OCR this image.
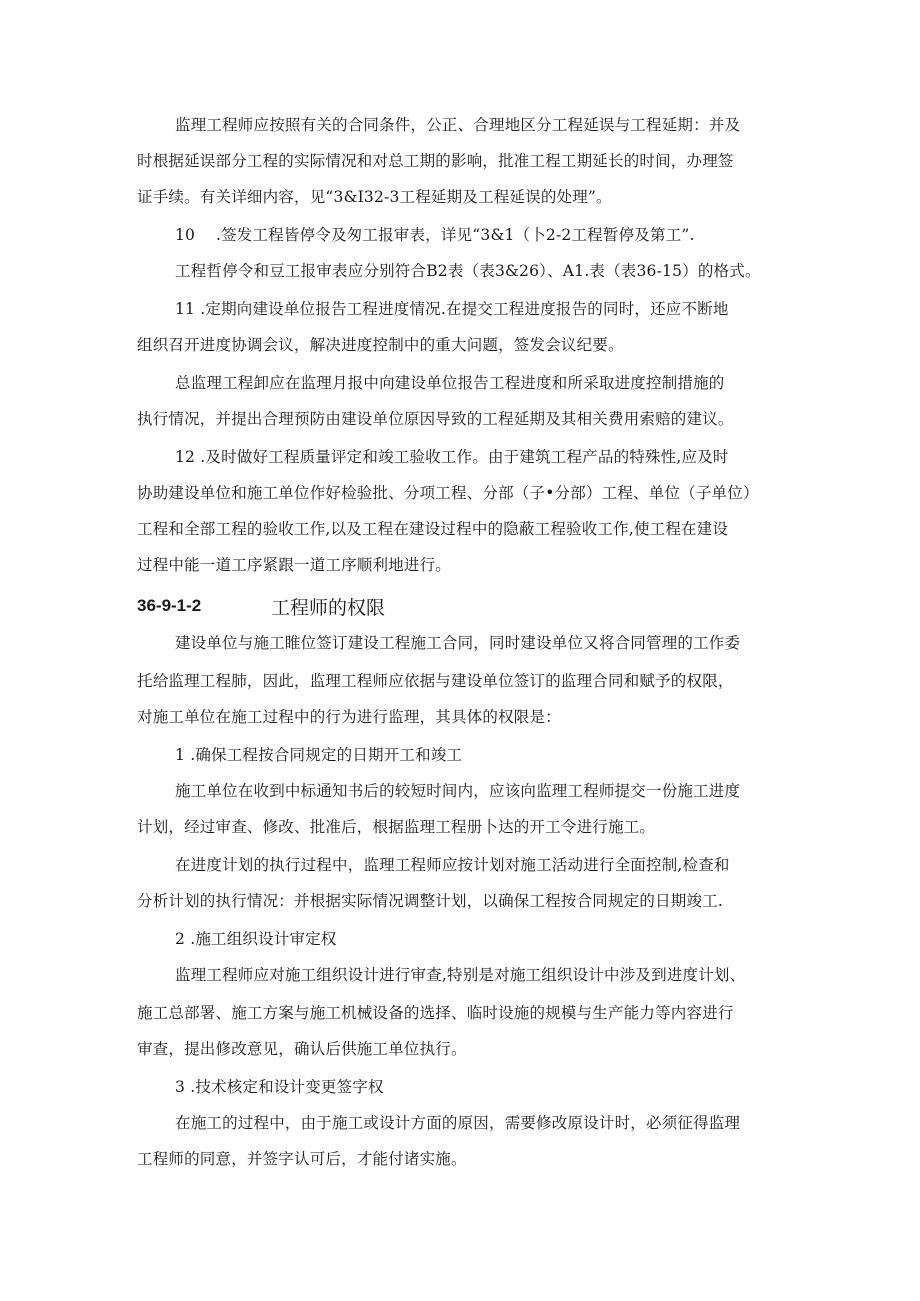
监理工程师应按照有关的合同条件，公正、合理地区分工程延误与工程延期：并及
时根据延误部分工程的实际情况和对总工期的影响，批准工程工期延长的时间，办理签
证手续。有关详细内容，见“3&I32-3工程延期及工程延误的处理”。
10　 .签发工程皆停令及匆工报审表，详见“3&1（卜2-2工程暂停及第工”.
工程哲停令和豆工报审表应分别符合B2表（表3&26）、A1.表（表36-15）的格式。
11 .定期向建设单位报告工程进度情况.在提交工程进度报告的同时，还应不断地
组织召开进度协调会议，解决进度控制中的重大问题，签发会议纪要。
总监理工程卸应在监理月报中向建设单位报告工程进度和所采取进度控制措施的
执行情况，并提出合理预防由建设单位原因导致的工程延期及其相关费用索赔的建议。
12 .及时做好工程质量评定和竣工验收工作。由于建筑工程产品的特殊性,应及时
协助建设单位和施工单位作好检验批、分项工程、分部（子•分部）工程、单位（子单位）
工程和全部工程的验收工作,以及工程在建设过程中的隐蔽工程验收工作,使工程在建设
过程中能一道工序紧跟一道工序顺利地进行。
36-9-1-2	工程师的权限
建设单位与施工睢位签订建设工程施工合同，同时建设单位又将合同管理的工作委
托给监理工程肺，因此，监理工程师应依据与建设单位签订的监理合同和赋予的权限，
对施工单位在施工过程中的行为进行监理，其具体的权限是：
1 .确保工程按合同规定的日期开工和竣工
施工单位在收到中标通知书后的较短时间内，应该向监理工程师提交一份施工进度
计划，经过审查、修改、批准后，根据监理工程册卜达的开工令进行施工。
在进度计划的执行过程中，监理工程师应按计划对施工活动进行全面控制,检查和
分析计划的执行情况：并根据实际情况调整计划，以确保工程按合同规定的日期竣工.
2 .施工组织设计审定权
监理工程师应对施工组织设计进行审查,特别是对施工组织设计中涉及到进度计划、
施工总部署、施工方案与施工机械设备的选择、临时设施的规模与生产能力等内容进行
审查，提出修改意见，确认后供施工单位执行。
3 .技术核定和设计变更签字权
在施工的过程中，由于施工或设计方面的原因，需要修改原设计时，必须征得监理
工程师的同意，并签字认可后，才能付诸实施。
